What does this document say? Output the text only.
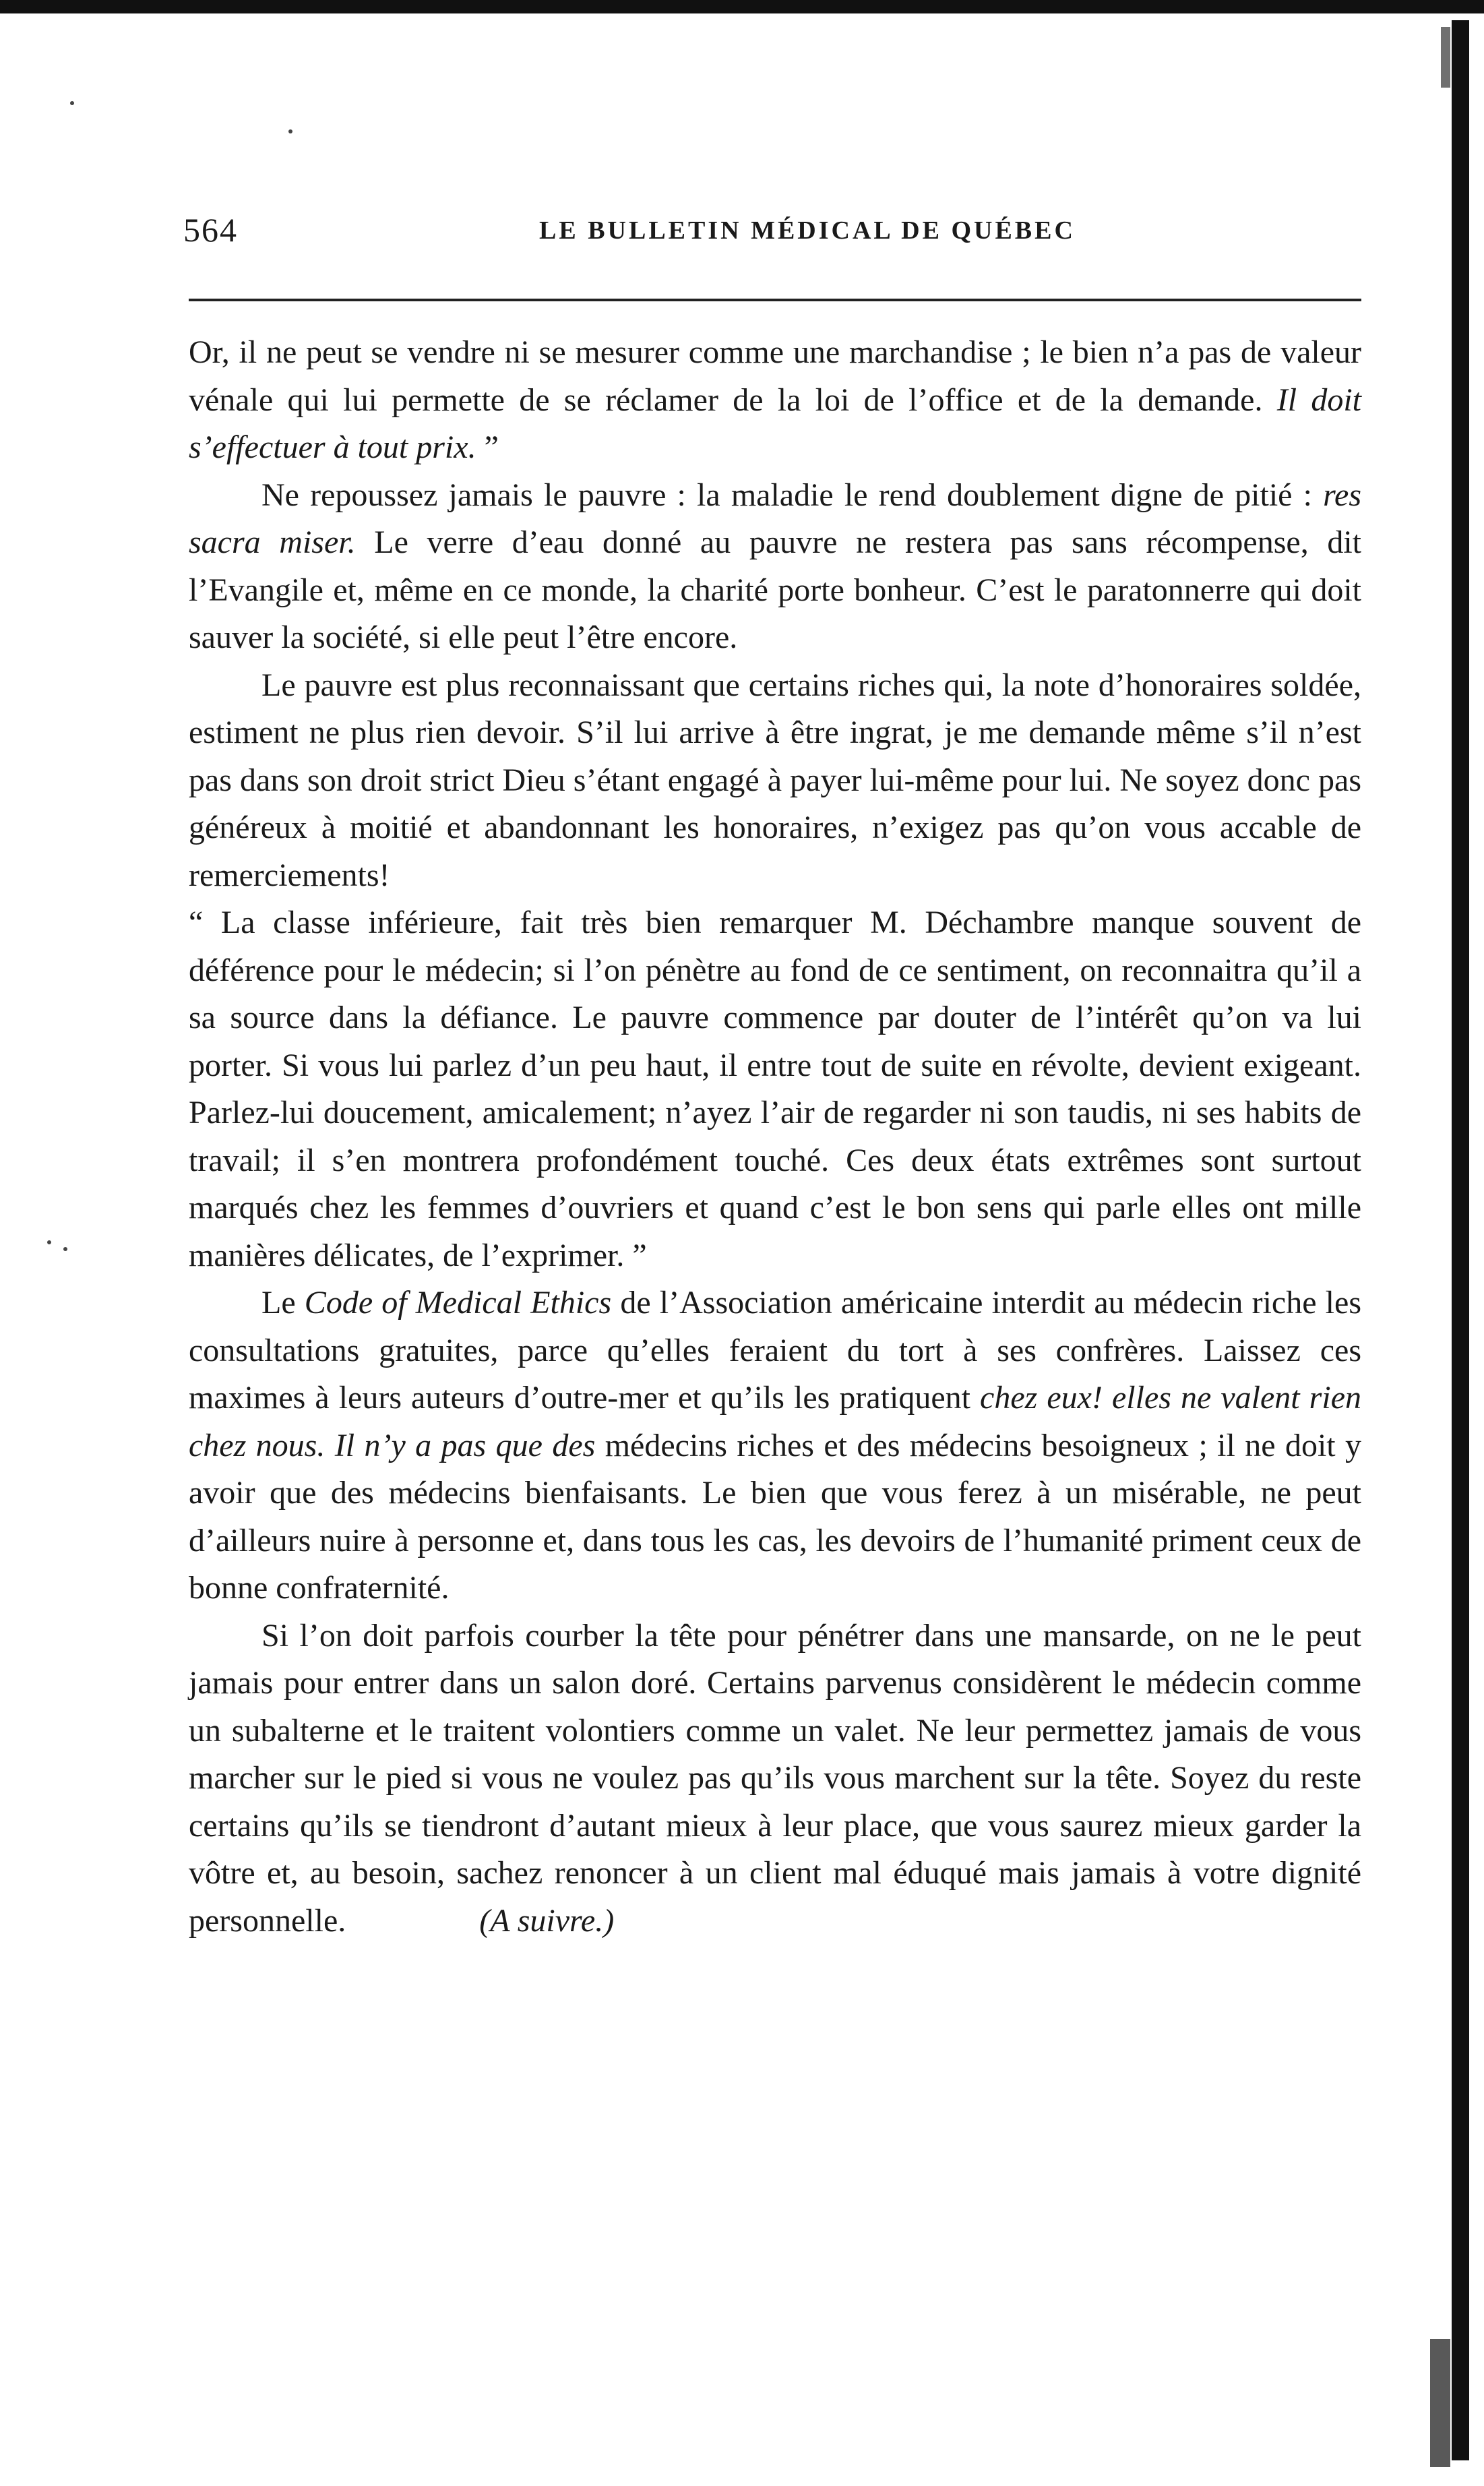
564	LE BULLETIN MÉDICAL DE QUÉBEC

Or, il ne peut se vendre ni se mesurer comme une marchandise ; le bien n’a pas de valeur vénale qui lui permette de se réclamer de la loi de l’office et de la demande. Il doit s’effectuer à tout prix. ”

Ne repoussez jamais le pauvre : la maladie le rend doublement digne de pitié : res sacra miser. Le verre d’eau donné au pauvre ne restera pas sans récompense, dit l’Evangile et, même en ce monde, la charité porte bonheur. C’est le paratonnerre qui doit sauver la société, si elle peut l’être encore.

Le pauvre est plus reconnaissant que certains riches qui, la note d’honoraires soldée, estiment ne plus rien devoir. S’il lui arrive à être ingrat, je me demande même s’il n’est pas dans son droit strict Dieu s’étant engagé à payer lui-même pour lui. Ne soyez donc pas généreux à moitié et abandonnant les honoraires, n’exigez pas qu’on vous accable de remerciements!

“ La classe inférieure, fait très bien remarquer M. Déchambre manque souvent de déférence pour le médecin; si l’on pénètre au fond de ce sentiment, on reconnaitra qu’il a sa source dans la défiance. Le pauvre commence par douter de l’intérêt qu’on va lui porter. Si vous lui parlez d’un peu haut, il entre tout de suite en révolte, devient exigeant. Parlez-lui doucement, amicalement; n’ayez l’air de regarder ni son taudis, ni ses habits de travail; il s’en montrera profondément touché. Ces deux états extrêmes sont surtout marqués chez les femmes d’ouvriers et quand c’est le bon sens qui parle elles ont mille manières délicates, de l’exprimer. ”

Le Code of Medical Ethics de l’Association américaine interdit au médecin riche les consultations gratuites, parce qu’elles feraient du tort à ses confrères. Laissez ces maximes à leurs auteurs d’outre-mer et qu’ils les pratiquent chez eux! elles ne valent rien chez nous. Il n’y a pas que des médecins riches et des médecins besoigneux ; il ne doit y avoir que des médecins bienfaisants. Le bien que vous ferez à un misérable, ne peut d’ailleurs nuire à personne et, dans tous les cas, les devoirs de l’humanité priment ceux de bonne confraternité.

Si l’on doit parfois courber la tête pour pénétrer dans une mansarde, on ne le peut jamais pour entrer dans un salon doré. Certains parvenus considèrent le médecin comme un subalterne et le traitent volontiers comme un valet. Ne leur permettez jamais de vous marcher sur le pied si vous ne voulez pas qu’ils vous marchent sur la tête. Soyez du reste certains qu’ils se tiendront d’autant mieux à leur place, que vous saurez mieux garder la vôtre et, au besoin, sachez renoncer à un client mal éduqué mais jamais à votre dignité personnelle.	(A suivre.)
